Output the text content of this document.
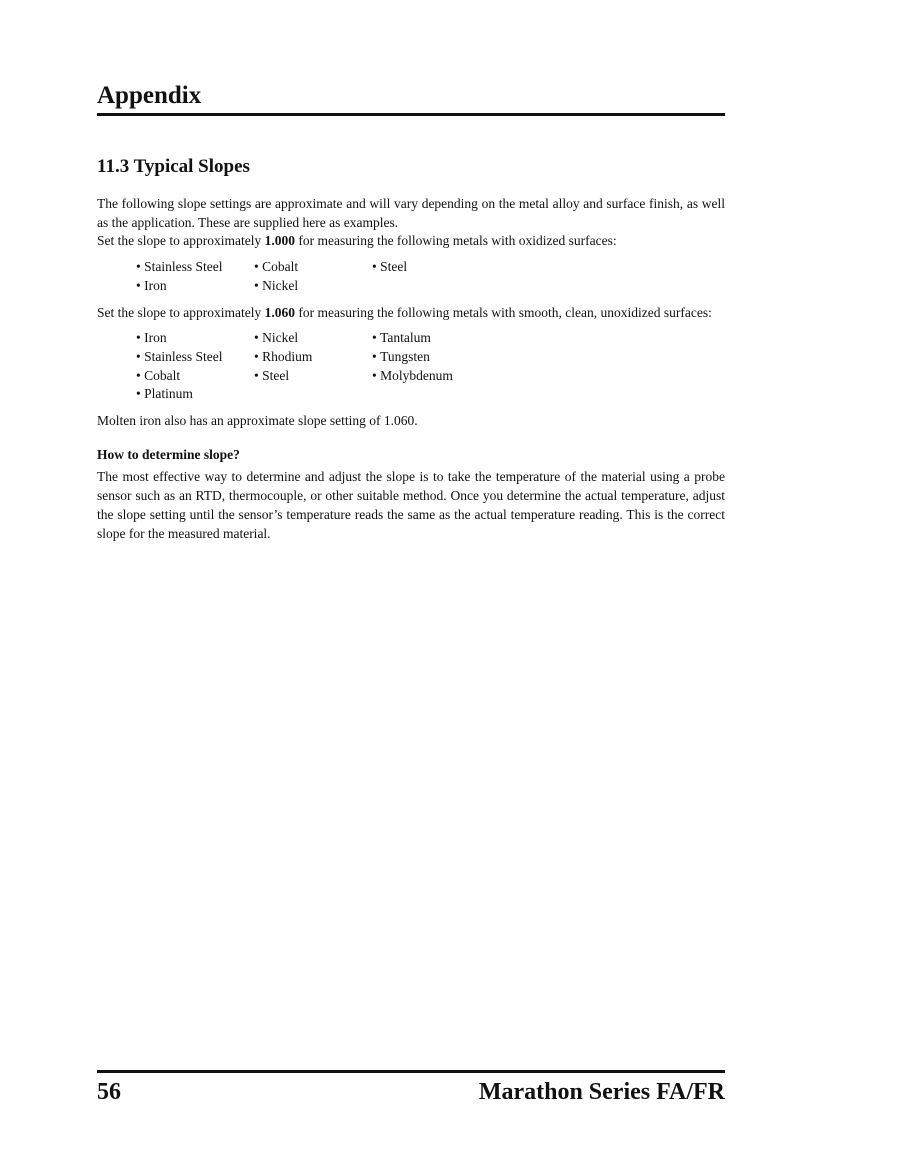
Appendix
11.3 Typical Slopes

The following slope settings are approximate and will vary depending on the metal alloy and surface finish, as well as the application. These are supplied here as examples.

Set the slope to approximately 1.000 for measuring the following metals with oxidized surfaces:

• Stainless Steel	• Cobalt	• Steel
• Iron	• Nickel

Set the slope to approximately 1.060 for measuring the following metals with smooth, clean, unoxidized surfaces:

• Iron	• Nickel	• Tantalum
• Stainless Steel	• Rhodium	• Tungsten
• Cobalt	• Steel	• Molybdenum
• Platinum

Molten iron also has an approximate slope setting of 1.060.

How to determine slope?

The most effective way to determine and adjust the slope is to take the temperature of the material using a probe sensor such as an RTD, thermocouple, or other suitable method. Once you determine the actual temperature, adjust the slope setting until the sensor’s temperature reads the same as the actual temperature reading. This is the correct slope for the measured material.

56	Marathon Series FA/FR
